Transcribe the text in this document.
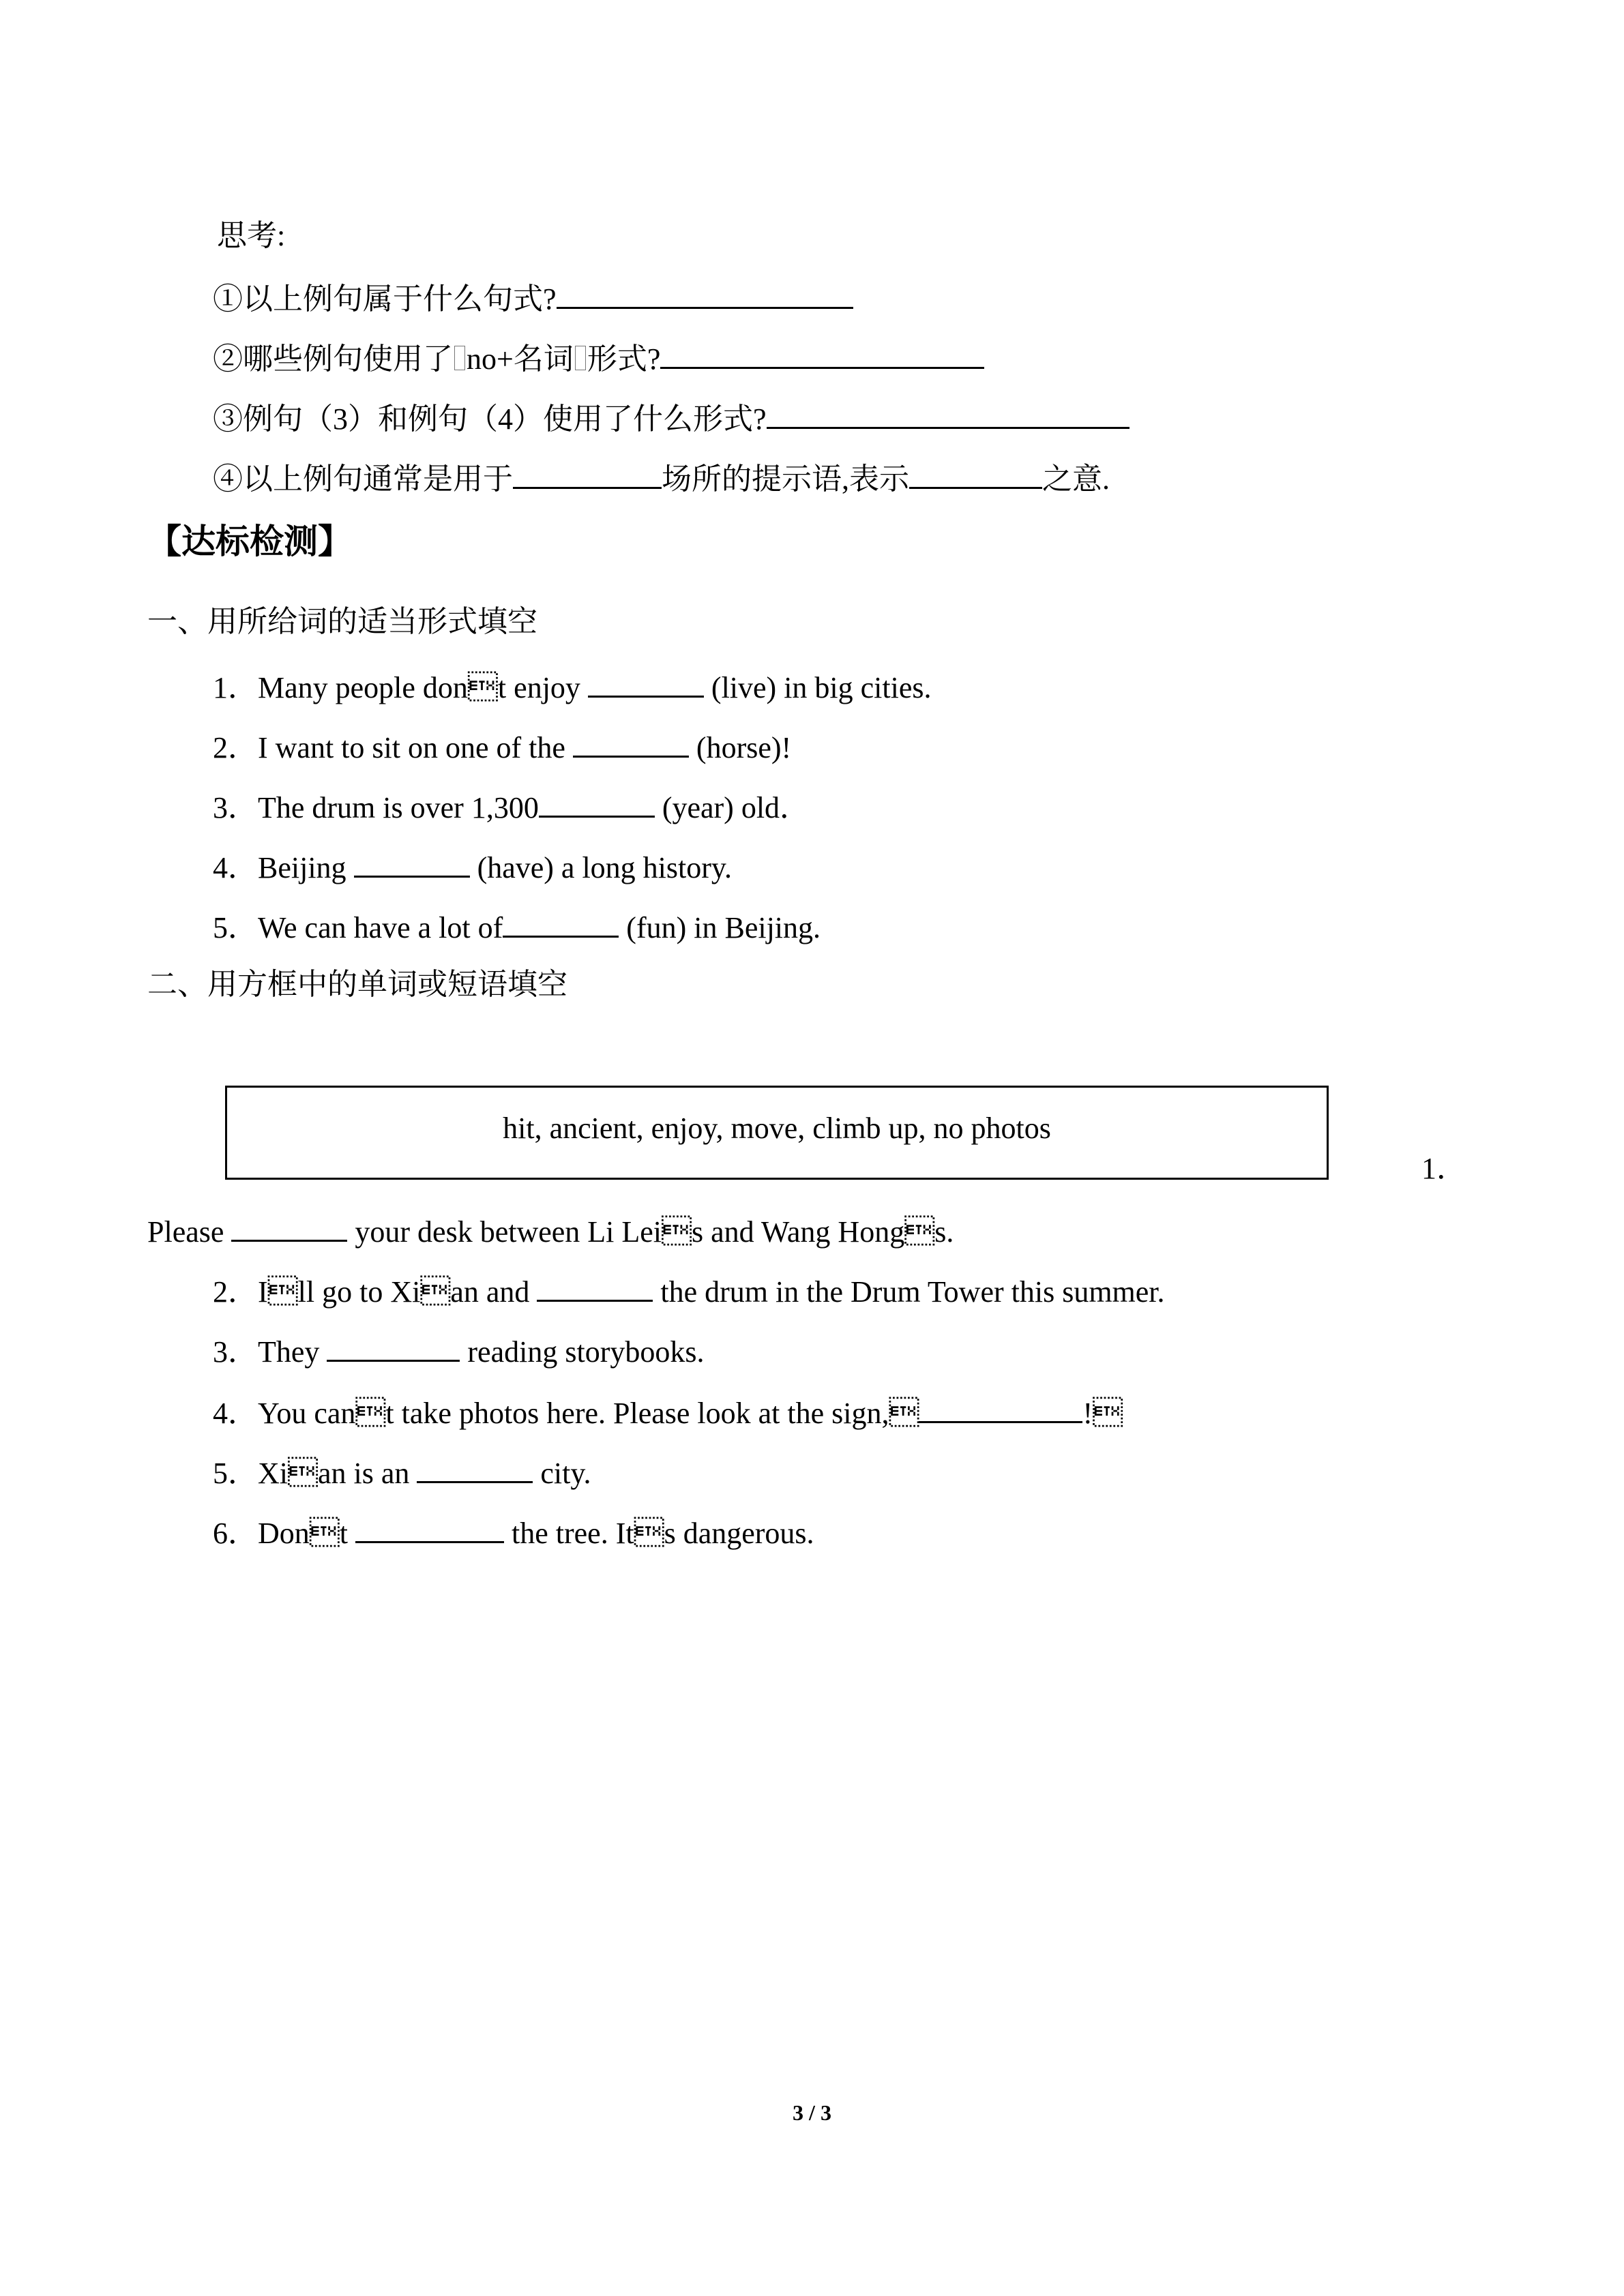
思考:
①以上例句属于什么句式?
②哪些例句使用了 no+名词 形式?
③例句（3）和例句（4）使用了什么形式?
④以上例句通常是用于	场所的提示语,表示	之意.
【达标检测】
一、用所给词的适当形式填空
1．Many people dont enjoy	(live) in big cities.
2．I want to sit on one of the	(horse)!
3．The drum is over 1,300	(year) old．
4．Beijing	(have) a long history.
5．We can have a lot of	(fun) in Beijing.
二、用方框中的单词或短语填空
hit, ancient, enjoy, move, climb up, no photos
1．
Please	your desk between Li Leis and Wang Hongs.
2．Ill go to Xian and	the drum in the Drum Tower this summer.
3．They	reading storybooks.
4．You cant take photos here. Please look at the sign,	!
5．Xian is an	city.
6．Dont	the tree. Its dangerous.
3 / 3
